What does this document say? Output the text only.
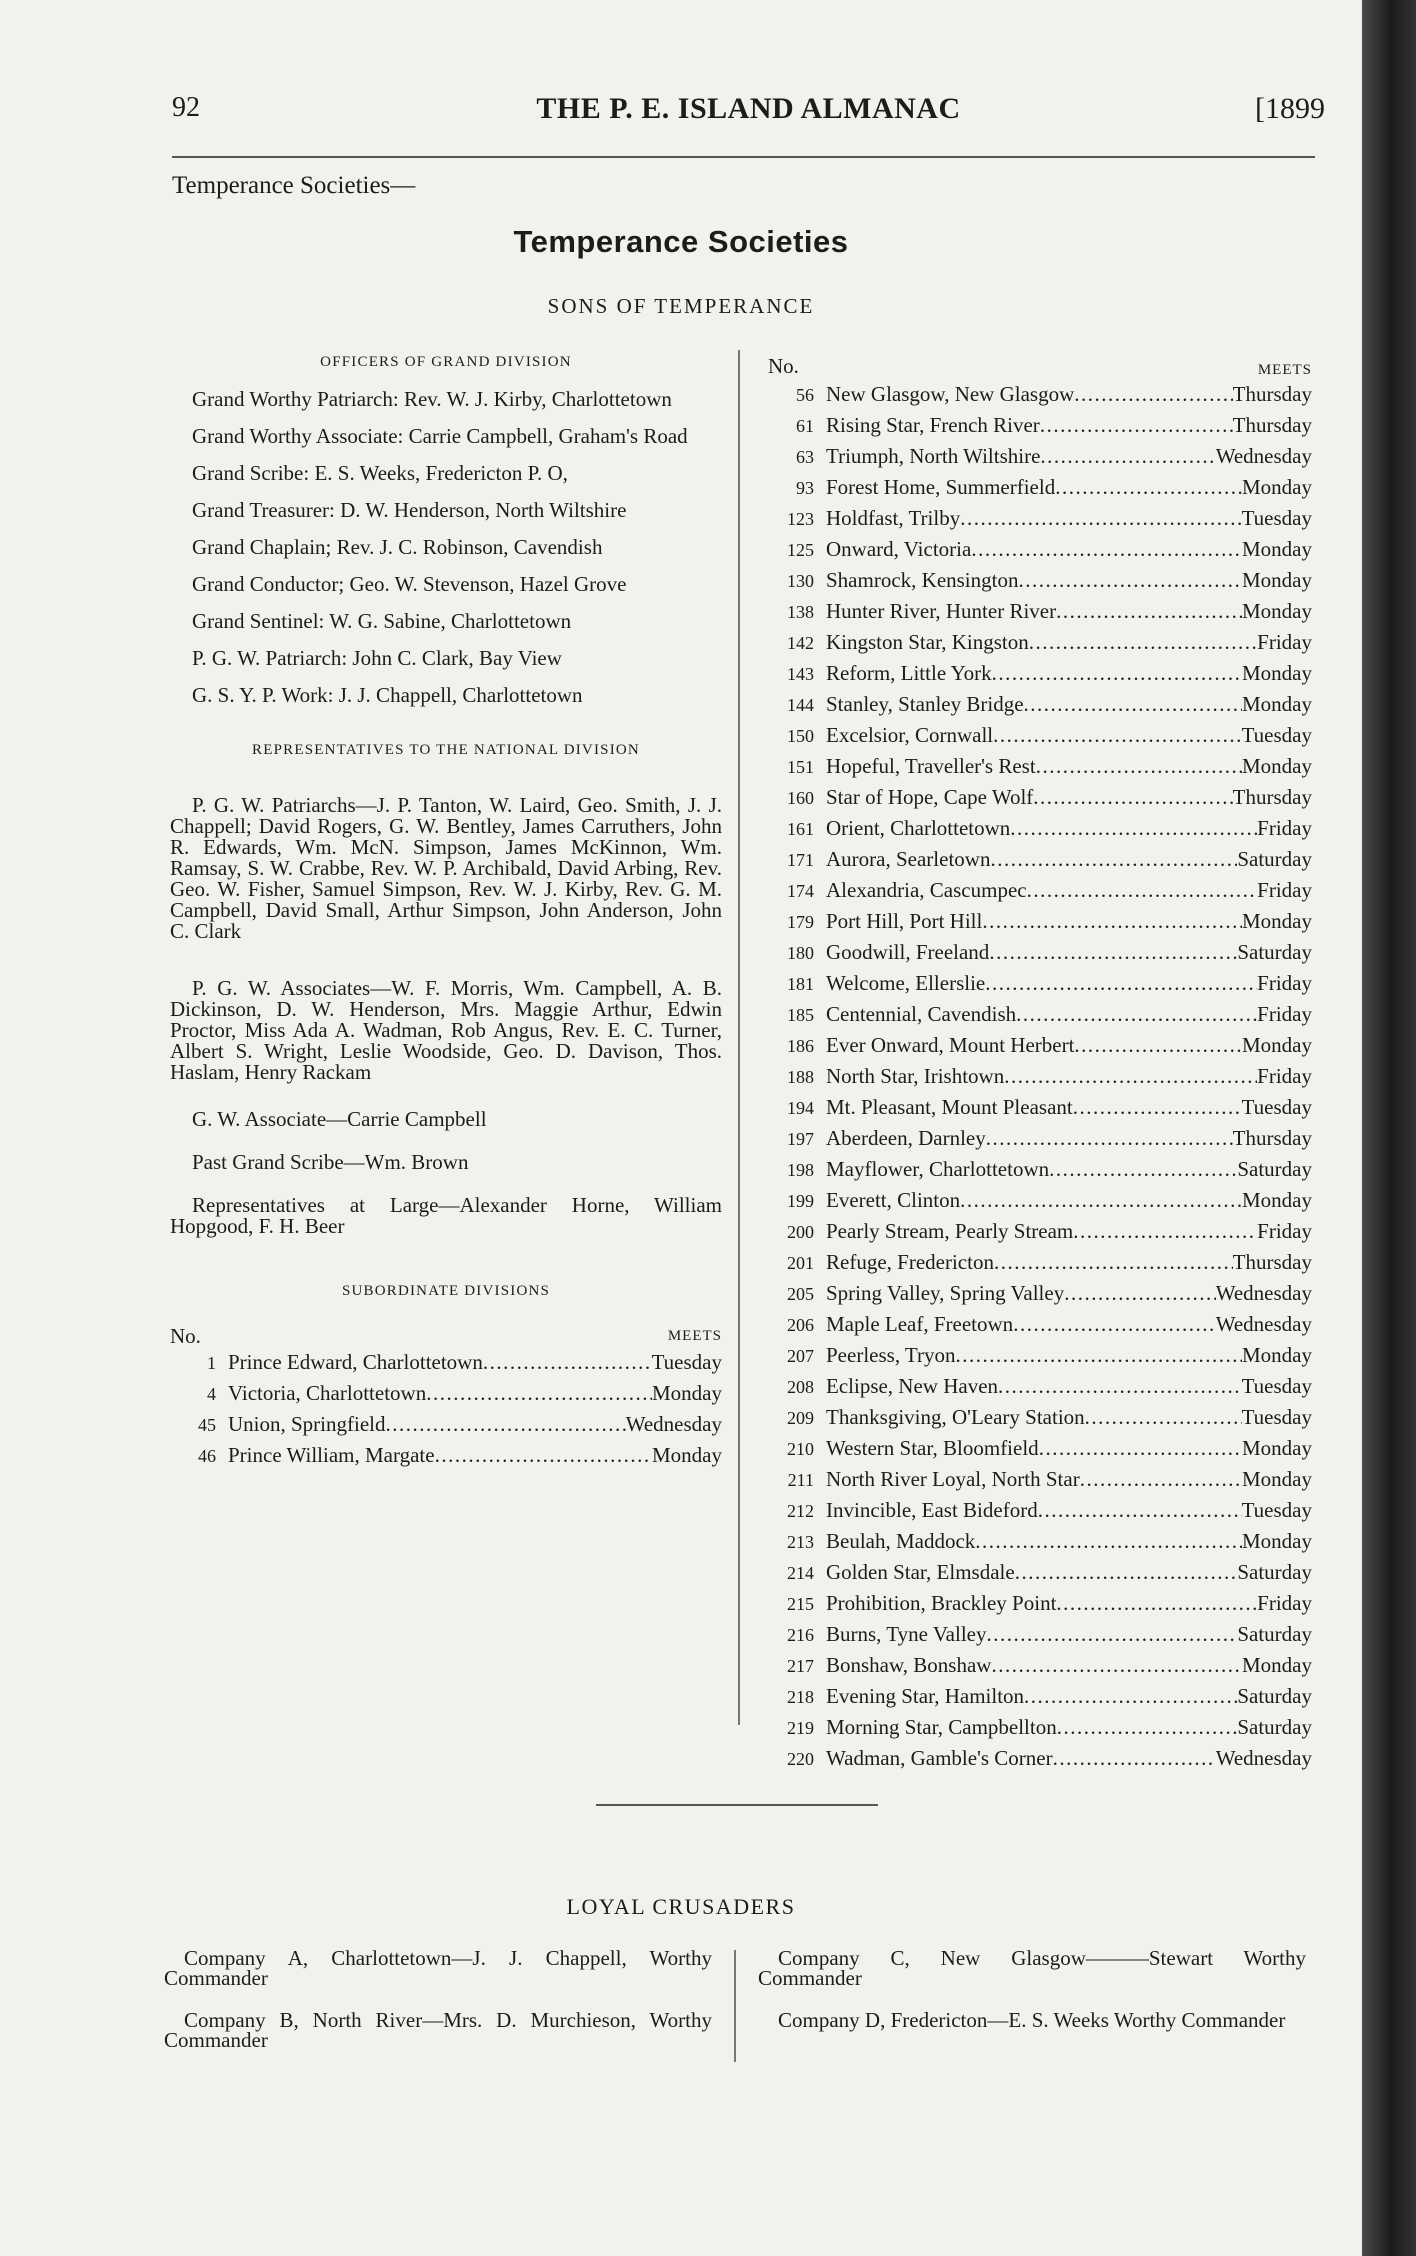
92	THE P. E. ISLAND ALMANAC	[1899
Temperance Societies—
Temperance Societies
SONS OF TEMPERANCE
OFFICERS OF GRAND DIVISION
Grand Worthy Patriarch: Rev. W. J. Kirby, Charlottetown
Grand Worthy Associate: Carrie Campbell, Graham's Road
Grand Scribe: E. S. Weeks, Fredericton P. O,
Grand Treasurer: D. W. Henderson, North Wiltshire
Grand Chaplain; Rev. J. C. Robinson, Cavendish
Grand Conductor; Geo. W. Stevenson, Hazel Grove
Grand Sentinel: W. G. Sabine, Charlottetown
P. G. W. Patriarch: John C. Clark, Bay View
G. S. Y. P. Work: J. J. Chappell, Charlottetown
REPRESENTATIVES TO THE NATIONAL DIVISION
P. G. W. Patriarchs—J. P. Tanton, W. Laird, Geo. Smith, J. J. Chappell; David Rogers, G. W. Bentley, James Carruthers, John R. Edwards, Wm. McN. Simpson, James McKinnon, Wm. Ramsay, S. W. Crabbe, Rev. W. P. Archibald, David Arbing, Rev. Geo. W. Fisher, Samuel Simpson, Rev. W. J. Kirby, Rev. G. M. Campbell, David Small, Arthur Simpson, John Anderson, John C. Clark
P. G. W. Associates—W. F. Morris, Wm. Campbell, A. B. Dickinson, D. W. Henderson, Mrs. Maggie Arthur, Edwin Proctor, Miss Ada A. Wadman, Rob Angus, Rev. E. C. Turner, Albert S. Wright, Leslie Woodside, Geo. D. Davison, Thos. Haslam, Henry Rackam
G. W. Associate—Carrie Campbell
Past Grand Scribe—Wm. Brown
Representatives at Large—Alexander Horne, William Hopgood, F. H. Beer
SUBORDINATE DIVISIONS
No.	MEETS
1 Prince Edward, Charlottetown .....	Tuesday
4 Victoria, Charlottetown .....	Monday
45 Union, Springfield .....	Wednesday
46 Prince William, Margate .....	Monday
No.	MEETS
56 New Glasgow, New Glasgow .....	Thursday
61 Rising Star, French River .....	Thursday
63 Triumph, North Wiltshire .....	Wednesday
93 Forest Home, Summerfield .....	Monday
123 Holdfast, Trilby .....	Tuesday
125 Onward, Victoria .....	Monday
130 Shamrock, Kensington .....	Monday
138 Hunter River, Hunter River .....	Monday
142 Kingston Star, Kingston .....	Friday
143 Reform, Little York .....	Monday
144 Stanley, Stanley Bridge .....	Monday
150 Excelsior, Cornwall .....	Tuesday
151 Hopeful, Traveller's Rest .....	Monday
160 Star of Hope, Cape Wolf .....	Thursday
161 Orient, Charlottetown .....	Friday
171 Aurora, Searletown .....	Saturday
174 Alexandria, Cascumpec .....	Friday
179 Port Hill, Port Hill .....	Monday
180 Goodwill, Freeland .....	Saturday
181 Welcome, Ellerslie .....	Friday
185 Centennial, Cavendish .....	Friday
186 Ever Onward, Mount Herbert .....	Monday
188 North Star, Irishtown .....	Friday
194 Mt. Pleasant, Mount Pleasant .....	Tuesday
197 Aberdeen, Darnley .....	Thursday
198 Mayflower, Charlottetown .....	Saturday
199 Everett, Clinton .....	Monday
200 Pearly Stream, Pearly Stream .....	Friday
201 Refuge, Fredericton .....	Thursday
205 Spring Valley, Spring Valley .....	Wednesday
206 Maple Leaf, Freetown .....	Wednesday
207 Peerless, Tryon .....	Monday
208 Eclipse, New Haven .....	Tuesday
209 Thanksgiving, O'Leary Station .....	Tuesday
210 Western Star, Bloomfield .....	Monday
211 North River Loyal, North Star .....	Monday
212 Invincible, East Bideford .....	Tuesday
213 Beulah, Maddock .....	Monday
214 Golden Star, Elmsdale .....	Saturday
215 Prohibition, Brackley Point .....	Friday
216 Burns, Tyne Valley .....	Saturday
217 Bonshaw, Bonshaw .....	Monday
218 Evening Star, Hamilton .....	Saturday
219 Morning Star, Campbellton .....	Saturday
220 Wadman, Gamble's Corner .....	Wednesday
LOYAL CRUSADERS
Company A, Charlottetown—J. J. Chappell, Worthy Commander
Company B, North River—Mrs. D. Murchieson, Worthy Commander
Company C, New Glasgow———Stewart Worthy Commander
Company D, Fredericton—E. S. Weeks Worthy Commander
